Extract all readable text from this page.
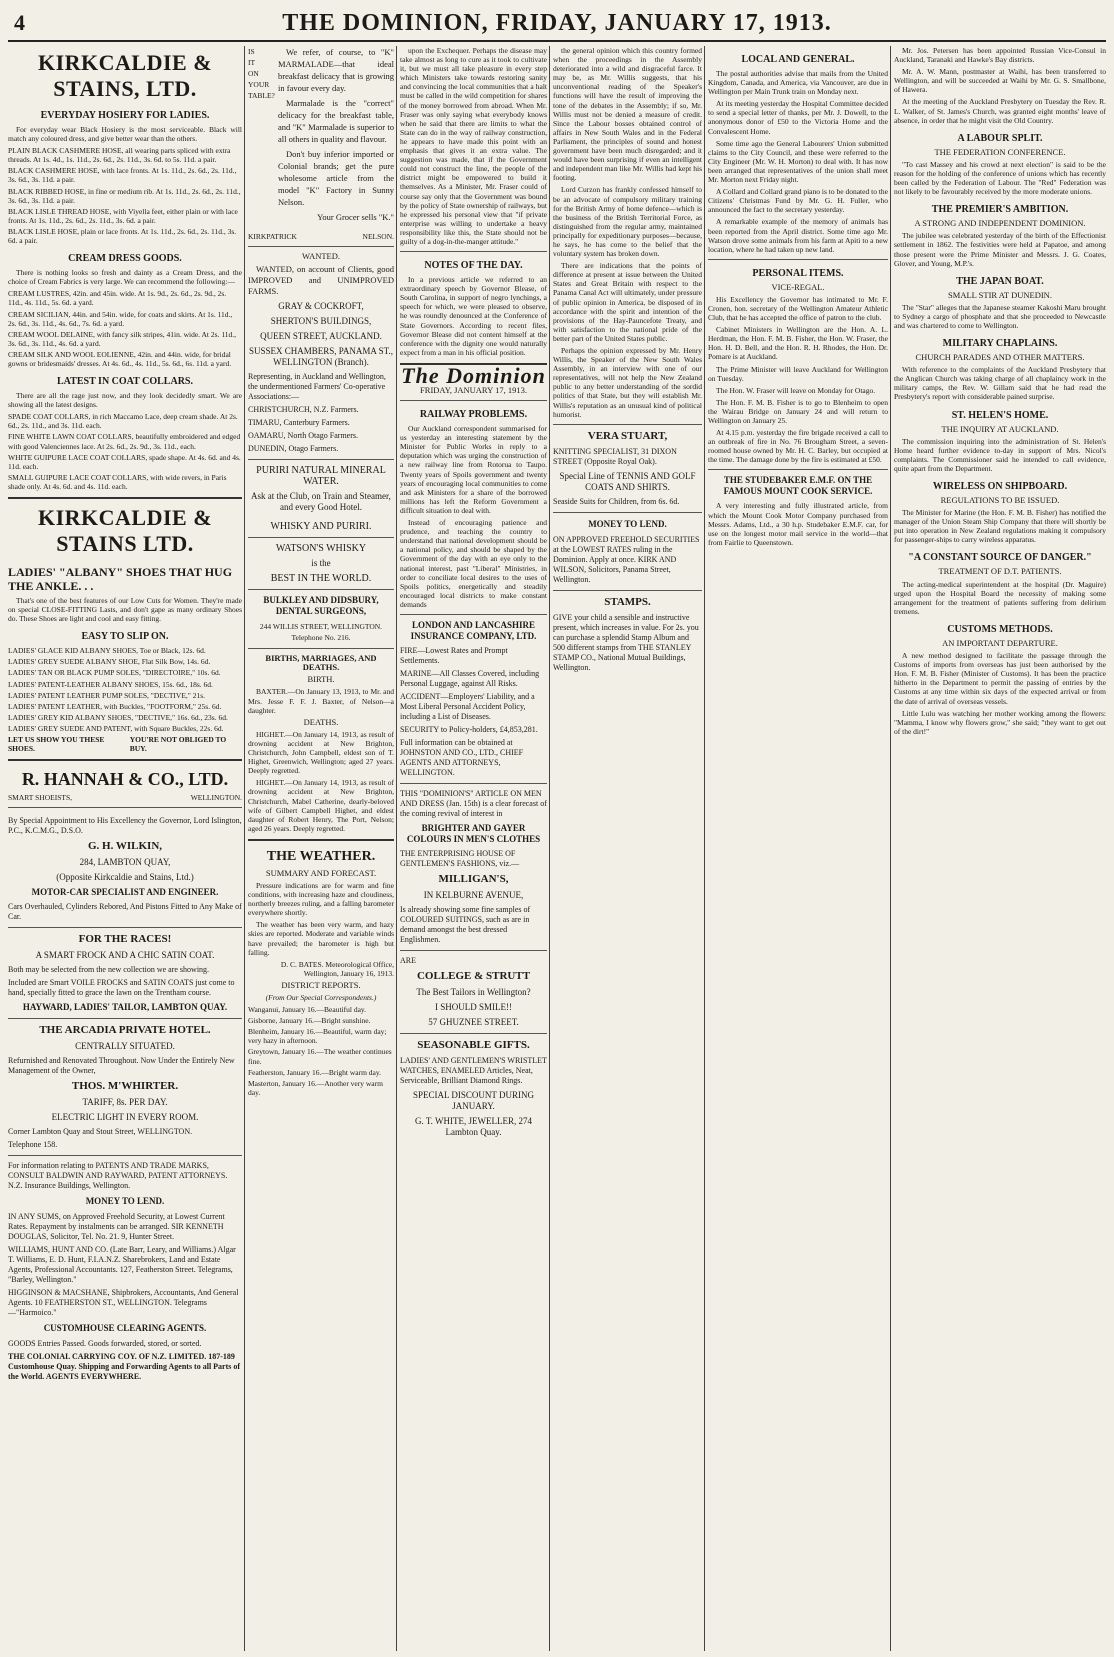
4	THE DOMINION, FRIDAY, JANUARY 17, 1913.
KIRKCALDIE & STAINS, LTD.
EVERYDAY HOSIERY FOR LADIES.
For everyday wear Black Hosiery is the most serviceable. Black will match any coloured dress, and give better wear than the others.
PLAIN BLACK CASHMERE HOSE, all wearing parts spliced with extra threads. At 1s. 4d., 1s. 11d., 2s. 6d., 2s. 11d., 3s. 6d. to 5s. 11d. a pair.
BLACK CASHMERE HOSE, with lace fronts. At 1s. 11d., 2s. 6d., 2s. 11d., 3s. 6d., 3s. 11d. a pair.
BLACK RIBBED HOSE, in fine or medium rib. At 1s. 11d., 2s. 6d., 2s. 11d., 3s. 6d., 3s. 11d. a pair.
BLACK LISLE THREAD HOSE, with Viyella feet, either plain or with lace fronts. At 1s. 11d., 2s. 6d., 2s. 11d., 3s. 6d. a pair.
BLACK LISLE HOSE, plain or lace fronts. At 1s. 11d., 2s. 6d., 2s. 11d., 3s. 6d. a pair.
CREAM DRESS GOODS.
There is nothing looks so fresh and dainty as a Cream Dress, and the choice of Cream Fabrics is very large. We can recommend the following:—
CREAM LUSTRES, 42in. and 45in. wide. At 1s. 9d., 2s. 6d., 2s. 9d., 2s. 11d., 4s. 11d., 5s. 6d. a yard.
CREAM SICILIAN, 44in. and 54in. wide, for coats and skirts. At 1s. 11d., 2s. 6d., 3s. 11d., 4s. 6d., 7s. 6d. a yard.
CREAM WOOL DELAINE, with fancy silk stripes, 41in. wide. At 2s. 11d., 3s. 6d., 3s. 11d., 4s. 6d. a yard.
CREAM SILK AND WOOL EOLIENNE, 42in. and 44in. wide, for bridal gowns or bridesmaids' dresses. At 4s. 6d., 4s. 11d., 5s. 6d., 6s. 11d. a yard.
LATEST IN COAT COLLARS.
There are all the rage just now, and they look decidedly smart. We are showing all the latest designs.
SPADE COAT COLLARS, in rich Maccamo Lace, deep cream shade. At 2s. 6d., 2s. 11d., and 3s. 11d. each.
FINE WHITE LAWN COAT COLLARS, beautifully embroidered and edged with good Valenciennes lace. At 2s. 6d., 2s. 9d., 3s. 11d., each.
WHITE GUIPURE LACE COAT COLLARS, spade shape. At 4s. 6d. and 4s. 11d. each.
SMALL GUIPURE LACE COAT COLLARS, with wide revers, in Paris shade only. At 4s. 6d. and 4s. 11d. each.
KIRKCALDIE & STAINS LTD.
LADIES' "ALBANY" SHOES THAT HUG THE ANKLE. . .
That's one of the best features of our Low Cuts for Women. They're made on special CLOSE-FITTING Lasts, and don't gape as many ordinary Shoes do. These Shoes are light and cool and easy fitting.
EASY TO SLIP ON.
LADIES' GLACE KID ALBANY SHOES, Toe or Black, 12s. 6d.
LADIES' GREY SUEDE ALBANY SHOE, Flat Silk Bow, 14s. 6d.
LADIES' TAN OR BLACK PUMP SOLES, "DIRECTOIRE," 10s. 6d.
LADIES' PATENT-LEATHER ALBANY SHOES, 15s. 6d., 18s. 6d.
LADIES' PATENT LEATHER PUMP SOLES, "DECTIVE," 21s.
LADIES' PATENT LEATHER, with Buckles, "FOOTFORM," 25s. 6d.
LADIES' GREY KID ALBANY SHOES, "DECTIVE," 16s. 6d., 23s. 6d.
LADIES' GREY SUEDE AND PATENT, with Square Buckles, 22s. 6d.
LET US SHOW YOU THESE SHOES.
YOU'RE NOT OBLIGED TO BUY.
R. HANNAH & CO., LTD.
SMART SHOEISTS,	WELLINGTON.
By Special Appointment to His Excellency the Governor, Lord Islington, P.C., K.C.M.G., D.S.O.
G. H. WILKIN,
284, LAMBTON QUAY,
(Opposite Kirkcaldie and Stains, Ltd.)
MOTOR-CAR SPECIALIST AND ENGINEER.
Cars Overhauled, Cylinders Rebored, And Pistons Fitted to Any Make of Car.
FOR THE RACES!
A SMART FROCK AND A CHIC SATIN COAT.
Both may be selected from the new collection we are showing.
Included are Smart VOILE FROCKS and SATIN COATS just come to hand, specially fitted to grace the lawn on the Trentham course.
HAYWARD, LADIES' TAILOR, LAMBTON QUAY.
THE ARCADIA PRIVATE HOTEL.
CENTRALLY SITUATED.
Refurnished and Renovated Throughout. Now Under the Entirely New Management of the Owner,
THOS. M'WHIRTER.
TARIFF, 8s. PER DAY.
ELECTRIC LIGHT IN EVERY ROOM.
Corner Lambton Quay and Stout Street, WELLINGTON.
Telephone 158.
For information relating to PATENTS AND TRADE MARKS, CONSULT BALDWIN AND RAYWARD, PATENT ATTORNEYS. N.Z. Insurance Buildings, Wellington.
MONEY TO LEND.
IN ANY SUMS, on Approved Freehold Security, at Lowest Current Rates. Repayment by instalments can be arranged. SIR KENNETH DOUGLAS, Solicitor, Tel. No. 21. 9, Hunter Street.
WILLIAMS, HUNT AND CO. (Late Barr, Leary, and Williams.) Algar T. Williams, E. D. Hunt, F.I.A.N.Z. Sharebrokers, Land and Estate Agents, Professional Accountants. 127, Featherston Street. Telegrams, "Barley, Wellington."
HIGGINSON & MACSHANE, Shipbrokers, Accountants, And General Agents. 10 FEATHERSTON ST., WELLINGTON. Telegrams—"Harmoico."
CUSTOMHOUSE CLEARING AGENTS.
GOODS Entries Passed. Goods forwarded, stored, or sorted.
THE COLONIAL CARRYING COY. OF N.Z. LIMITED. 187-189 Customhouse Quay. Shipping and Forwarding Agents to all Parts of the World. AGENTS EVERYWHERE.
IS
IT
ON
YOUR
TABLE?
We refer, of course, to "K" MARMALADE—that ideal breakfast delicacy that is growing in favour every day.
Marmalade is the "correct" delicacy for the breakfast table, and "K" Marmalade is superior to all others in quality and flavour.
Don't buy inferior imported or Colonial brands; get the pure wholesome article from the model "K" Factory in Sunny Nelson.
Your Grocer sells "K."
KIRKPATRICK	NELSON.
WANTED.
WANTED, on account of Clients, good IMPROVED and UNIMPROVED FARMS.
GRAY & COCKROFT,
SHERTON'S BUILDINGS,
QUEEN STREET, AUCKLAND.
SUSSEX CHAMBERS, PANAMA ST., WELLINGTON (Branch).
Representing, in Auckland and Wellington, the undermentioned Farmers' Co-operative Associations:—
CHRISTCHURCH, N.Z. Farmers.
TIMARU, Canterbury Farmers.
OAMARU, North Otago Farmers.
DUNEDIN, Otago Farmers.
PURIRI NATURAL MINERAL WATER.
Ask at the Club, on Train and Steamer, and every Good Hotel.
WHISKY AND PURIRI.
WATSON'S WHISKY
is the
BEST IN THE WORLD.
BULKLEY AND DIDSBURY, DENTAL SURGEONS,
244 WILLIS STREET, WELLINGTON. Telephone No. 216.
BIRTHS, MARRIAGES, AND DEATHS.
BIRTH.
BAXTER.—On January 13, 1913, to Mr. and Mrs. Jesse F. F. J. Baxter, of Nelson—a daughter.
DEATHS.
HIGHET.—On January 14, 1913, as result of drowning accident at New Brighton, Christchurch, John Campbell, eldest son of T. Highet, Greenwich, Wellington; aged 27 years. Deeply regretted.
HIGHET.—On January 14, 1913, as result of drowning accident at New Brighton, Christchurch, Mabel Catherine, dearly-beloved wife of Gilbert Campbell Highet, and eldest daughter of Robert Henry, The Port, Nelson; aged 26 years. Deeply regretted.
THE WEATHER.
SUMMARY AND FORECAST.
Pressure indications are for warm and fine conditions, with increasing haze and cloudiness, northerly breezes ruling, and a falling barometer everywhere shortly.
The weather has been very warm, and hazy skies are reported. Moderate and variable winds have prevailed; the barometer is high but falling.
D. C. BATES. Meteorological Office, Wellington, January 16, 1913.
DISTRICT REPORTS.
(From Our Special Correspondents.)
Wanganui, January 16.—Beautiful day.
Gisborne, January 16.—Bright sunshine.
Blenheim, January 16.—Beautiful, warm day; very hazy in afternoon.
Greytown, January 16.—The weather continues fine.
Featherston, January 16.—Bright warm day.
Masterton, January 16.—Another very warm day.
upon the Exchequer. Perhaps the disease may take almost as long to cure as it took to cultivate it, but we must all take pleasure in every step which Ministers take towards restoring sanity and convincing the local communities that a halt must be called in the wild competition for shares of the money borrowed from abroad. When Mr. Fraser was only saying what everybody knows when he said that there are limits to what the State can do in the way of railway construction, he appears to have made this point with an emphasis that gives it an extra value. The suggestion was made, that if the Government could not construct the line, the people of the district might be empowered to build it themselves. As a Minister, Mr. Fraser could of course say only that the Government was bound by the policy of State ownership of railways, but he expressed his personal view that "if private enterprise was willing to undertake a heavy responsibility like this, the State should not be guilty of a dog-in-the-manger attitude."
NOTES OF THE DAY.
In a previous article we referred to an extraordinary speech by Governor Blease, of South Carolina, in support of negro lynchings, a speech for which, we were pleased to observe, he was roundly denounced at the Conference of State Governors. According to recent files, Governor Blease did not content himself at the conference with the dignity one would naturally expect from a man in his official position.
The Dominion
FRIDAY, JANUARY 17, 1913.
RAILWAY PROBLEMS.
Our Auckland correspondent summarised for us yesterday an interesting statement by the Minister for Public Works in reply to a deputation which was urging the construction of a new railway line from Rotorua to Taupo. Twenty years of Spoils government and twenty years of encouraging local communities to come and ask Ministers for a share of the borrowed millions has left the Reform Government a difficult situation to deal with.
Instead of encouraging patience and prudence, and teaching the country to understand that national development should be a national policy, and should be shaped by the Government of the day with an eye only to the national interest, past "Liberal" Ministries, in order to conciliate local desires to the uses of Spoils politics, energetically and steadily encouraged local districts to make constant demands
LONDON AND LANCASHIRE INSURANCE COMPANY, LTD.
FIRE—Lowest Rates and Prompt Settlements.
MARINE—All Classes Covered, including Personal Luggage, against All Risks.
ACCIDENT—Employers' Liability, and a Most Liberal Personal Accident Policy, including a List of Diseases.
SECURITY to Policy-holders, £4,853,281.
Full information can be obtained at JOHNSTON AND CO., LTD., CHIEF AGENTS AND ATTORNEYS, WELLINGTON.
THIS "DOMINION'S" ARTICLE ON MEN AND DRESS (Jan. 15th) is a clear forecast of the coming revival of interest in
BRIGHTER AND GAYER COLOURS IN MEN'S CLOTHES
THE ENTERPRISING HOUSE OF GENTLEMEN'S FASHIONS, viz.—
MILLIGAN'S,
IN KELBURNE AVENUE,
Is already showing some fine samples of COLOURED SUITINGS, such as are in demand amongst the best dressed Englishmen.
ARE
COLLEGE & STRUTT
The Best Tailors in Wellington?
I SHOULD SMILE!!
57 GHUZNEE STREET.
SEASONABLE GIFTS.
LADIES' AND GENTLEMEN'S WRISTLET WATCHES, ENAMELED Articles, Neat, Serviceable, Brilliant Diamond Rings.
SPECIAL DISCOUNT DURING JANUARY.
G. T. WHITE, JEWELLER, 274 Lambton Quay.
the general opinion which this country formed when the proceedings in the Assembly deteriorated into a wild and disgraceful farce. It may be, as Mr. Willis suggests, that his unconventional reading of the Speaker's functions will have the result of improving the tone of the debates in the Assembly; if so, Mr. Willis must not be denied a measure of credit. Since the Labour bosses obtained control of affairs in New South Wales and in the Federal Parliament, the principles of sound and honest government have been much disregarded; and it would have been surprising if even an intelligent and independent man like Mr. Willis had kept his footing.
Lord Curzon has frankly confessed himself to be an advocate of compulsory military training for the British Army of home defence—which is the business of the British Territorial Force, as distinguished from the regular army, maintained principally for expeditionary purposes—because, he says, he has come to the belief that the voluntary system has broken down.
There are indications that the points of difference at present at issue between the United States and Great Britain with respect to the Panama Canal Act will ultimately, under pressure of public opinion in America, be disposed of in accordance with the spirit and intention of the provisions of the Hay-Pauncefote Treaty, and with satisfaction to the national pride of the better part of the United States public.
Perhaps the opinion expressed by Mr. Henry Willis, the Speaker of the New South Wales Assembly, in an interview with one of our representatives, will not help the New Zealand public to any better understanding of the sordid politics of that State, but they will establish Mr. Willis's reputation as an unusual kind of political humorist.
VERA STUART,
KNITTING SPECIALIST, 31 DIXON STREET (Opposite Royal Oak).
Special Line of TENNIS AND GOLF COATS AND SHIRTS.
Seaside Suits for Children, from 6s. 6d.
MONEY TO LEND.
ON APPROVED FREEHOLD SECURITIES at the LOWEST RATES ruling in the Dominion. Apply at once. KIRK AND WILSON, Solicitors, Panama Street, Wellington.
STAMPS.
GIVE your child a sensible and instructive present, which increases in value. For 2s. you can purchase a splendid Stamp Album and 500 different stamps from THE STANLEY STAMP CO., National Mutual Buildings, Wellington.
LOCAL AND GENERAL.
The postal authorities advise that mails from the United Kingdom, Canada, and America, via Vancouver, are due in Wellington per Main Trunk train on Monday next.
At its meeting yesterday the Hospital Committee decided to send a special letter of thanks, per Mr. J. Dowell, to the anonymous donor of £50 to the Victoria Home and the Convalescent Home.
Some time ago the General Labourers' Union submitted claims to the City Council, and these were referred to the City Engineer (Mr. W. H. Morton) to deal with. It has now been arranged that representatives of the union shall meet Mr. Morton next Friday night.
A Collard and Collard grand piano is to be donated to the Citizens' Christmas Fund by Mr. G. H. Fuller, who announced the fact to the secretary yesterday.
A remarkable example of the memory of animals has been reported from the April district. Some time ago Mr. Watson drove some animals from his farm at Apiti to a new location, where he had taken up new land.
PERSONAL ITEMS.
VICE-REGAL.
His Excellency the Governor has intimated to Mr. F. Cronen, hon. secretary of the Wellington Amateur Athletic Club, that he has accepted the office of patron to the club.
Cabinet Ministers in Wellington are the Hon. A. L. Herdman, the Hon. F. M. B. Fisher, the Hon. W. Fraser, the Hon. H. D. Bell, and the Hon. R. H. Rhodes, the Hon. Dr. Pomare is at Auckland.
The Prime Minister will leave Auckland for Wellington on Tuesday.
The Hon. W. Fraser will leave on Monday for Otago.
The Hon. F. M. B. Fisher is to go to Blenheim to open the Wairau Bridge on January 24 and will return to Wellington on January 25.
At 4.15 p.m. yesterday the fire brigade received a call to an outbreak of fire in No. 76 Brougham Street, a seven-roomed house owned by Mr. H. C. Barley, but occupied at the time. The damage done by the fire is estimated at £50.
THE STUDEBAKER E.M.F. ON THE FAMOUS MOUNT COOK SERVICE.
A very interesting and fully illustrated article, from which the Mount Cook Motor Company purchased from Messrs. Adams, Ltd., a 30 h.p. Studebaker E.M.F. car, for use on the longest motor mail service in the world—that from Fairlie to Queenstown.
Mr. Jos. Petersen has been appointed Russian Vice-Consul in Auckland, Taranaki and Hawke's Bay districts.
Mr. A. W. Mann, postmaster at Waihi, has been transferred to Wellington, and will be succeeded at Waihi by Mr. G. S. Smallbone, of Hawera.
At the meeting of the Auckland Presbytery on Tuesday the Rev. R. L. Walker, of St. James's Church, was granted eight months' leave of absence, in order that he might visit the Old Country.
A LABOUR SPLIT.
THE FEDERATION CONFERENCE.
"To cast Massey and his crowd at next election" is said to be the reason for the holding of the conference of unions which has recently been called by the Federation of Labour. The "Red" Federation was not likely to be favourably received by the more moderate unions.
THE PREMIER'S AMBITION.
A STRONG AND INDEPENDENT DOMINION.
The jubilee was celebrated yesterday of the birth of the Effectionist settlement in 1862. The festivities were held at Papatoe, and among those present were the Prime Minister and Messrs. J. G. Coates, Glover, and Young, M.P.'s.
THE JAPAN BOAT.
SMALL STIR AT DUNEDIN.
The "Star" alleges that the Japanese steamer Kakoshi Maru brought to Sydney a cargo of phosphate and that she proceeded to Newcastle and was chartered to come to Wellington.
MILITARY CHAPLAINS.
CHURCH PARADES AND OTHER MATTERS.
With reference to the complaints of the Auckland Presbytery that the Anglican Church was taking charge of all chaplaincy work in the military camps, the Rev. W. Gillam said that he had read the Presbytery's report with considerable pained surprise.
ST. HELEN'S HOME.
THE INQUIRY AT AUCKLAND.
The commission inquiring into the administration of St. Helen's Home heard further evidence to-day in support of Mrs. Nicol's complaints. The Commissioner said he intended to call evidence, quite apart from the Department.
WIRELESS ON SHIPBOARD.
REGULATIONS TO BE ISSUED.
The Minister for Marine (the Hon. F. M. B. Fisher) has notified the manager of the Union Steam Ship Company that there will shortly be put into operation in New Zealand regulations making it compulsory for passenger-ships to carry wireless apparatus.
"A CONSTANT SOURCE OF DANGER."
TREATMENT OF D.T. PATIENTS.
The acting-medical superintendent at the hospital (Dr. Maguire) urged upon the Hospital Board the necessity of making some arrangement for the treatment of patients suffering from delirium tremens.
CUSTOMS METHODS.
AN IMPORTANT DEPARTURE.
A new method designed to facilitate the passage through the Customs of imports from overseas has just been authorised by the Hon. F. M. B. Fisher (Minister of Customs). It has been the practice hitherto in the Department to permit the passing of entries by the Customs at any time within six days of the expected arrival or from the date of arrival of overseas vessels.
Little Lulu was watching her mother working among the flowers: "Mamma, I know why flowers grow," she said; "they want to get out of the dirt!"
